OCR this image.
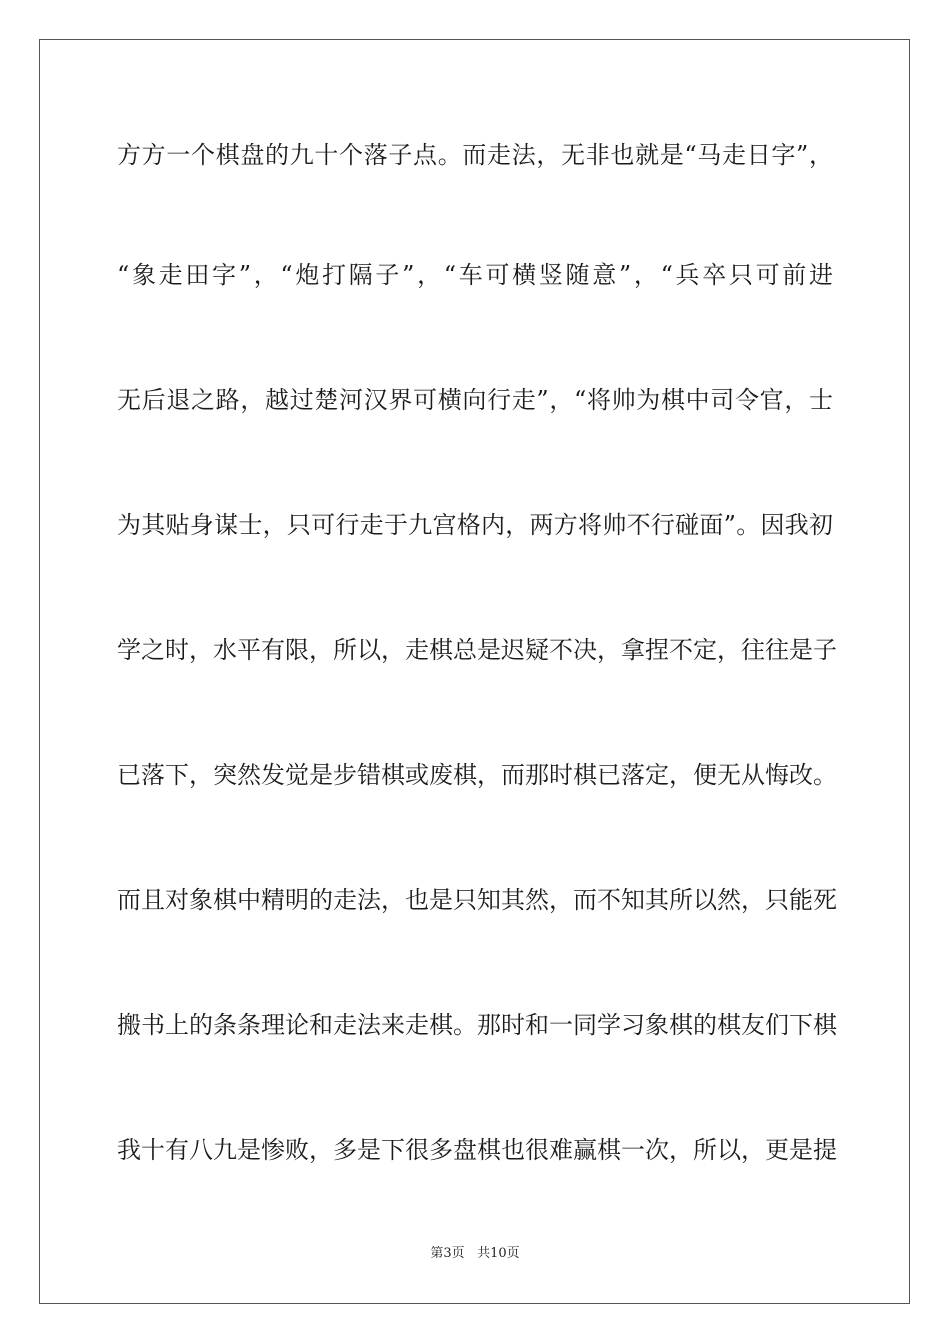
方方一个棋盘的九十个落子点。而走法，无非也就是“马走日字”，
“象走田字”，“炮打隔子”，“车可横竖随意”，“兵卒只可前进
无后退之路，越过楚河汉界可横向行走”，“将帅为棋中司令官，士
为其贴身谋士，只可行走于九宫格内，两方将帅不行碰面”。因我初
学之时，水平有限，所以，走棋总是迟疑不决，拿捏不定，往往是子
已落下，突然发觉是步错棋或废棋，而那时棋已落定，便无从悔改。
而且对象棋中精明的走法，也是只知其然，而不知其所以然，只能死
搬书上的条条理论和走法来走棋。那时和一同学习象棋的棋友们下棋
我十有八九是惨败，多是下很多盘棋也很难赢棋一次，所以，更是提
第3页 共10页
